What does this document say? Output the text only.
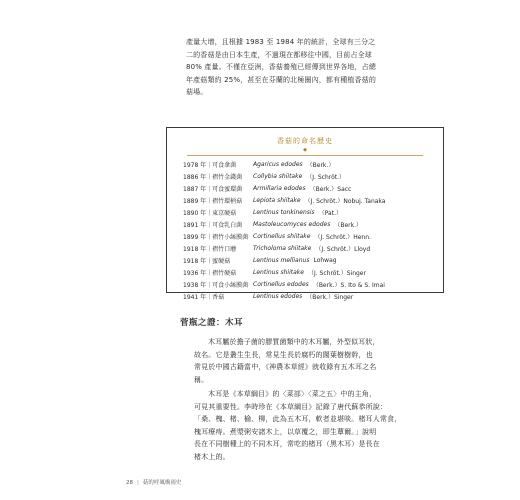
產量大增，且根據 1983 至 1984 年的統計，全球有三分之

二的香菇是由日本生產，不過現在都移往中國，目前占全球

80% 產量。不僅在亞洲，香菇養殖已經傳到世界各地，占總

年產菇類約 25%，甚至在芬蘭的北極圈內，都有種植香菇的

菇場。

香菇的命名歷史
◆
1978 年｜可食傘菌	Agaricus edodes （Berk.）
1886 年｜褶竹金錢菌	Collybia shiitake （J. Schröt.）
1887 年｜可食蜜環菌	Armillaria edodes （Berk.）Sacc
1889 年｜褶竹環柄菇	Lepiota shiitake （J. Schröt.）Nobuj. Tanaka
1890 年｜東京硬菇	Lentinus tonkinensis （Pat.）
1891 年｜可食乳白菌	Mastoleucomyces edodes （Berk.）
1899 年｜褶竹小絲膜菌 Cortinellus shiitake （J. Schröt.）Henn.
1918 年｜褶竹口蘑	Tricholoma shiitake （J. Schröt.）Lloyd
1918 年｜蜜硬菇	Lentinus mellianus Lohwag
1936 年｜褶竹硬菇	Lentinus shiitake （J. Schröt.）Singer
1938 年｜可食小絲膜菌 Cortinellus edodes （Berk.）S. Ito & S. Imai
1941 年｜香菇	Lentinus edodes （Berk.）Singer
菅瓶之證：木耳

木耳屬於擔子菌的膠質菌類中的木耳屬，外型似耳狀，

故名。它是叢生生長，常見生長於腐朽的闊葉樹樹幹，也

常見於中國古籍當中，《神農本草經》就收錄有五木耳之名

稱。

木耳是《本草綱目》的〈菜部〉〈菜之五〉中的主角，

可見其重要性。李時珍在《本草綱目》記錄了唐代蘇恭所說：

「桑、槐、楮、榆、柳，此為五木耳，軟者並堪啖。楮耳人常食，

槐耳療痔。煮漿粥安諸木上，以草覆之，即生蕈爾。」說明

長在不同樹種上的不同木耳，常吃的楮耳（黑木耳）是長在

楮木上的。

28 | 菇的呼風喚雨史
